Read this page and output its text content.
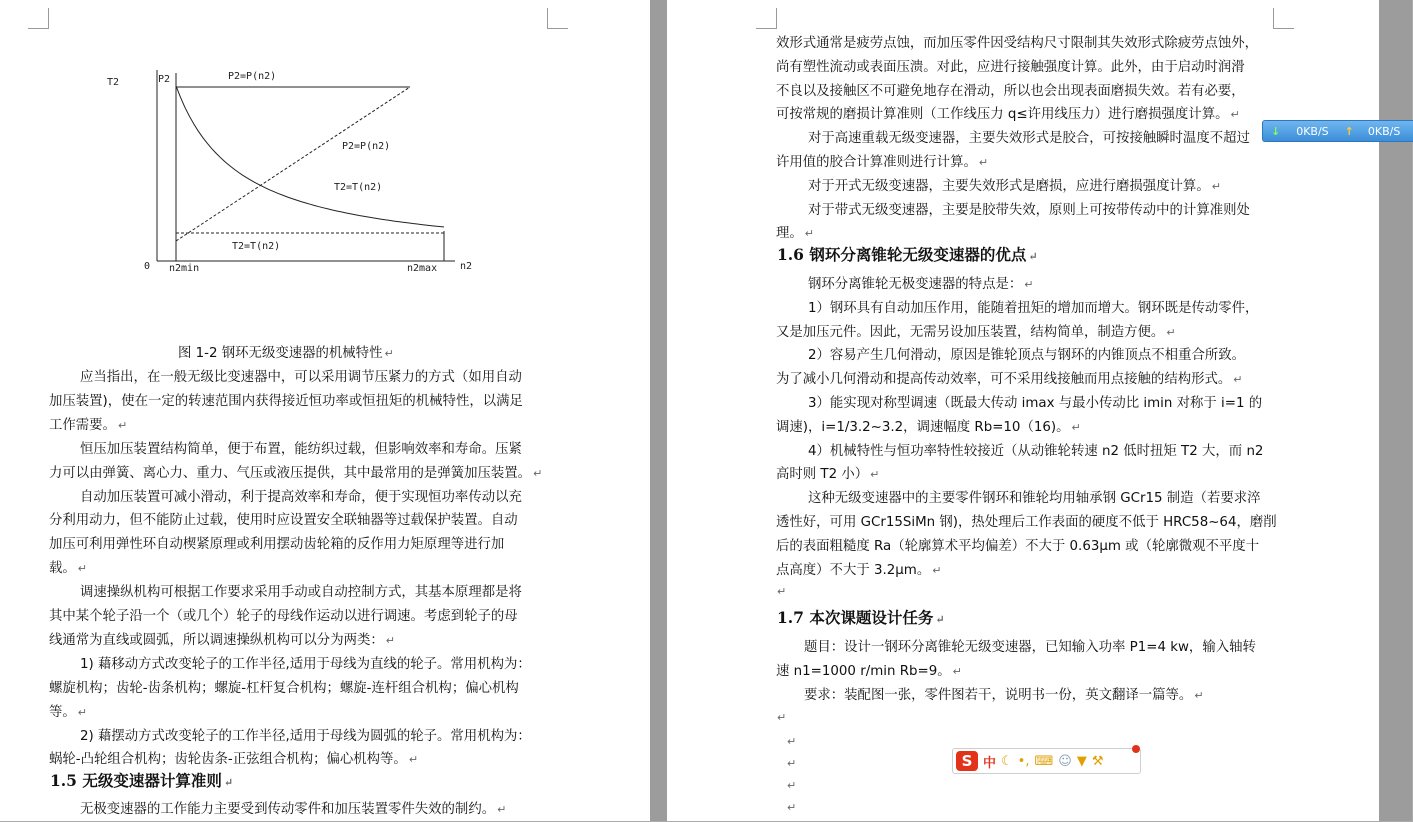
T2	P2	P2=P(n2)
P2=P(n2)
T2=T(n2)
T2=T(n2)
0 n2min	n2max n2
图 1-2 钢环无级变速器的机械特性 ↵
应当指出，在一般无级比变速器中，可以采用调节压紧力的方式（如用自动
加压装置)，使在一定的转速范围内获得接近恒功率或恒扭矩的机械特性，以满足
工作需要。 ↵
恒压加压装置结构简单，便于布置，能纺织过载，但影响效率和寿命。压紧
力可以由弹簧、离心力、重力、气压或液压提供，其中最常用的是弹簧加压装置。 ↵
自动加压装置可减小滑动，利于提高效率和寿命，便于实现恒功率传动以充
分利用动力，但不能防止过载，使用时应设置安全联轴器等过载保护装置。自动
加压可利用弹性环自动楔紧原理或利用摆动齿轮箱的反作用力矩原理等进行加
载。 ↵
调速操纵机构可根据工作要求采用手动或自动控制方式，其基本原理都是将
其中某个轮子沿一个（或几个）轮子的母线作运动以进行调速。考虑到轮子的母
线通常为直线或圆弧，所以调速操纵机构可以分为两类： ↵
1) 藉移动方式改变轮子的工作半径,适用于母线为直线的轮子。常用机构为：
螺旋机构；齿轮-齿条机构；螺旋-杠杆复合机构；螺旋-连杆组合机构；偏心机构
等。 ↵
2) 藉摆动方式改变轮子的工作半径,适用于母线为圆弧的轮子。常用机构为：
蜗轮-凸轮组合机构；齿轮齿条-正弦组合机构；偏心机构等。 ↵
1.5 无级变速器计算准则 ↵
无极变速器的工作能力主要受到传动零件和加压装置零件失效的制约。 ↵
效形式通常是疲劳点蚀，而加压零件因受结构尺寸限制其失效形式除疲劳点蚀外，
尚有塑性流动或表面压溃。对此，应进行接触强度计算。此外，由于启动时润滑
不良以及接触区不可避免地存在滑动，所以也会出现表面磨损失效。若有必要，
可按常规的磨损计算准则（工作线压力 q≤许用线压力）进行磨损强度计算。 ↵
对于高速重载无级变速器，主要失效形式是胶合，可按接触瞬时温度不超过
许用值的胶合计算准则进行计算。 ↵
对于开式无级变速器，主要失效形式是磨损，应进行磨损强度计算。 ↵
对于带式无级变速器，主要是胶带失效，原则上可按带传动中的计算准则处
理。 ↵
1.6 钢环分离锥轮无级变速器的优点 ↵
钢环分离锥轮无极变速器的特点是： ↵
1）钢环具有自动加压作用，能随着扭矩的增加而增大。钢环既是传动零件，
又是加压元件。因此，无需另设加压装置，结构简单，制造方便。 ↵
2）容易产生几何滑动，原因是锥轮顶点与钢环的内锥顶点不相重合所致。
为了减小几何滑动和提高传动效率，可不采用线接触而用点接触的结构形式。 ↵
3）能实现对称型调速（既最大传动 imax 与最小传动比 imin 对称于 i=1 的
调速)，i=1/3.2~3.2，调速幅度 Rb=10（16)。 ↵
4）机械特性与恒功率特性较接近（从动锥轮转速 n2 低时扭矩 T2 大，而 n2
高时则 T2 小） ↵
这种无级变速器中的主要零件钢环和锥轮均用轴承钢 GCr15 制造（若要求淬
透性好，可用 GCr15SiMn 钢)，热处理后工作表面的硬度不低于 HRC58~64，磨削
后的表面粗糙度 Ra（轮廓算术平均偏差）不大于 0.63μm 或（轮廓微观不平度十
点高度）不大于 3.2μm。 ↵
↵
1.7 本次课题设计任务 ↵
题目：设计一钢环分离锥轮无级变速器，已知输入功率 P1=4 kw，输入轴转
速 n1=1000 r/min Rb=9。 ↵
要求：装配图一张，零件图若干，说明书一份，英文翻译一篇等。 ↵
↵
↵
↵
↵
↵
↓ 0KB/S ↑ 0KB/S
S 中 ☾ •, ⌨ ☺ ▼ ⚒
